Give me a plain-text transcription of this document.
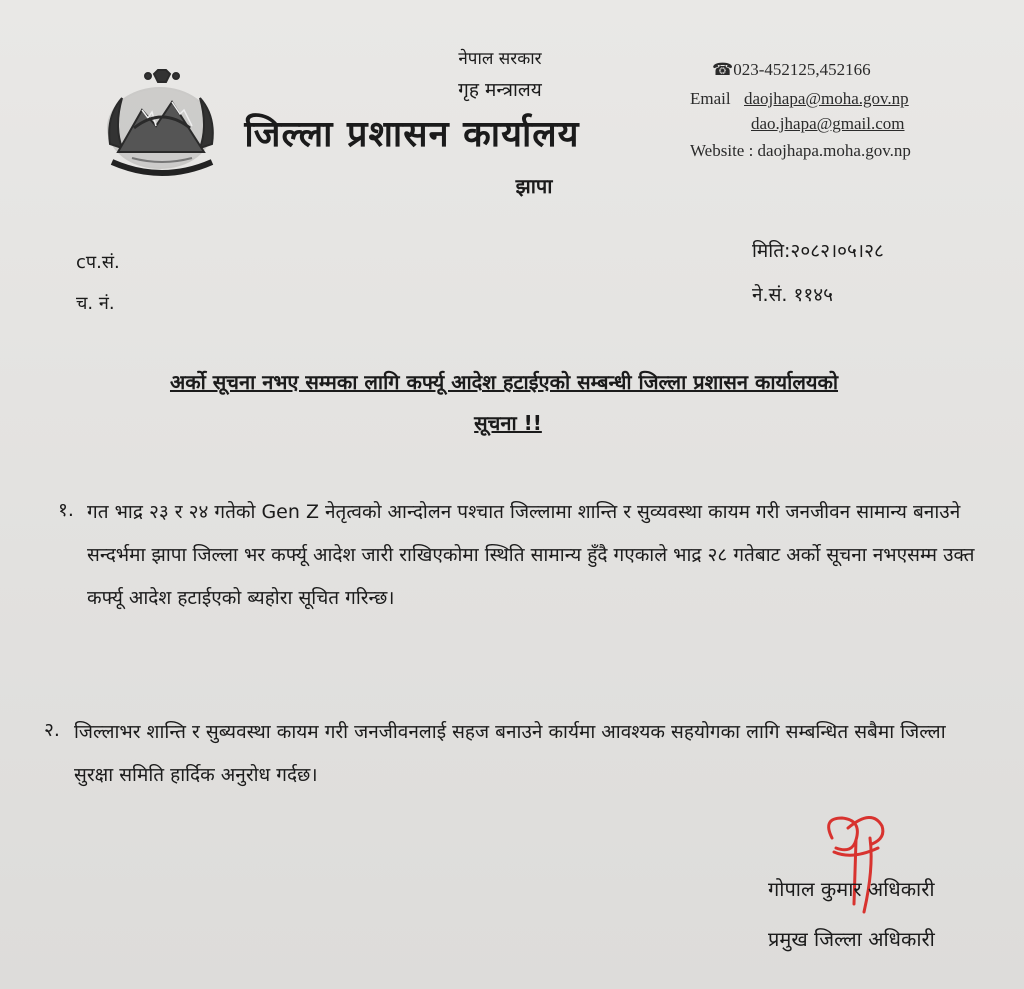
नेपाल सरकार
गृह मन्त्रालय
जिल्ला प्रशासन कार्यालय
झापा
☎023-452125,452166
Email daojhapa@moha.gov.np
dao.jhapa@gmail.com
Website : daojhapa.moha.gov.np
cप.सं.
च. नं.
मिति:२०८२।०५।२८
ने.सं. ११४५
अर्को सूचना नभए सम्मका लागि कर्फ्यू आदेश हटाईएको सम्बन्धी जिल्ला प्रशासन कार्यालयको
सूचना !!
१. गत भाद्र २३ र २४ गतेको Gen Z नेतृत्वको आन्दोलन पश्चात जिल्लामा शान्ति र सुव्यवस्था कायम गरी जनजीवन सामान्य बनाउने सन्दर्भमा झापा जिल्ला भर कर्फ्यू आदेश जारी राखिएकोमा स्थिति सामान्य हुँदै गएकाले भाद्र २८ गतेबाट अर्को सूचना नभएसम्म उक्त कर्फ्यू आदेश हटाईएको ब्यहोरा सूचित गरिन्छ।
२. जिल्लाभर शान्ति र सुब्यवस्था कायम गरी जनजीवनलाई सहज बनाउने कार्यमा आवश्यक सहयोगका लागि सम्बन्धित सबैमा जिल्ला सुरक्षा समिति हार्दिक अनुरोध गर्दछ।
गोपाल कुमार अधिकारी
प्रमुख जिल्ला अधिकारी
